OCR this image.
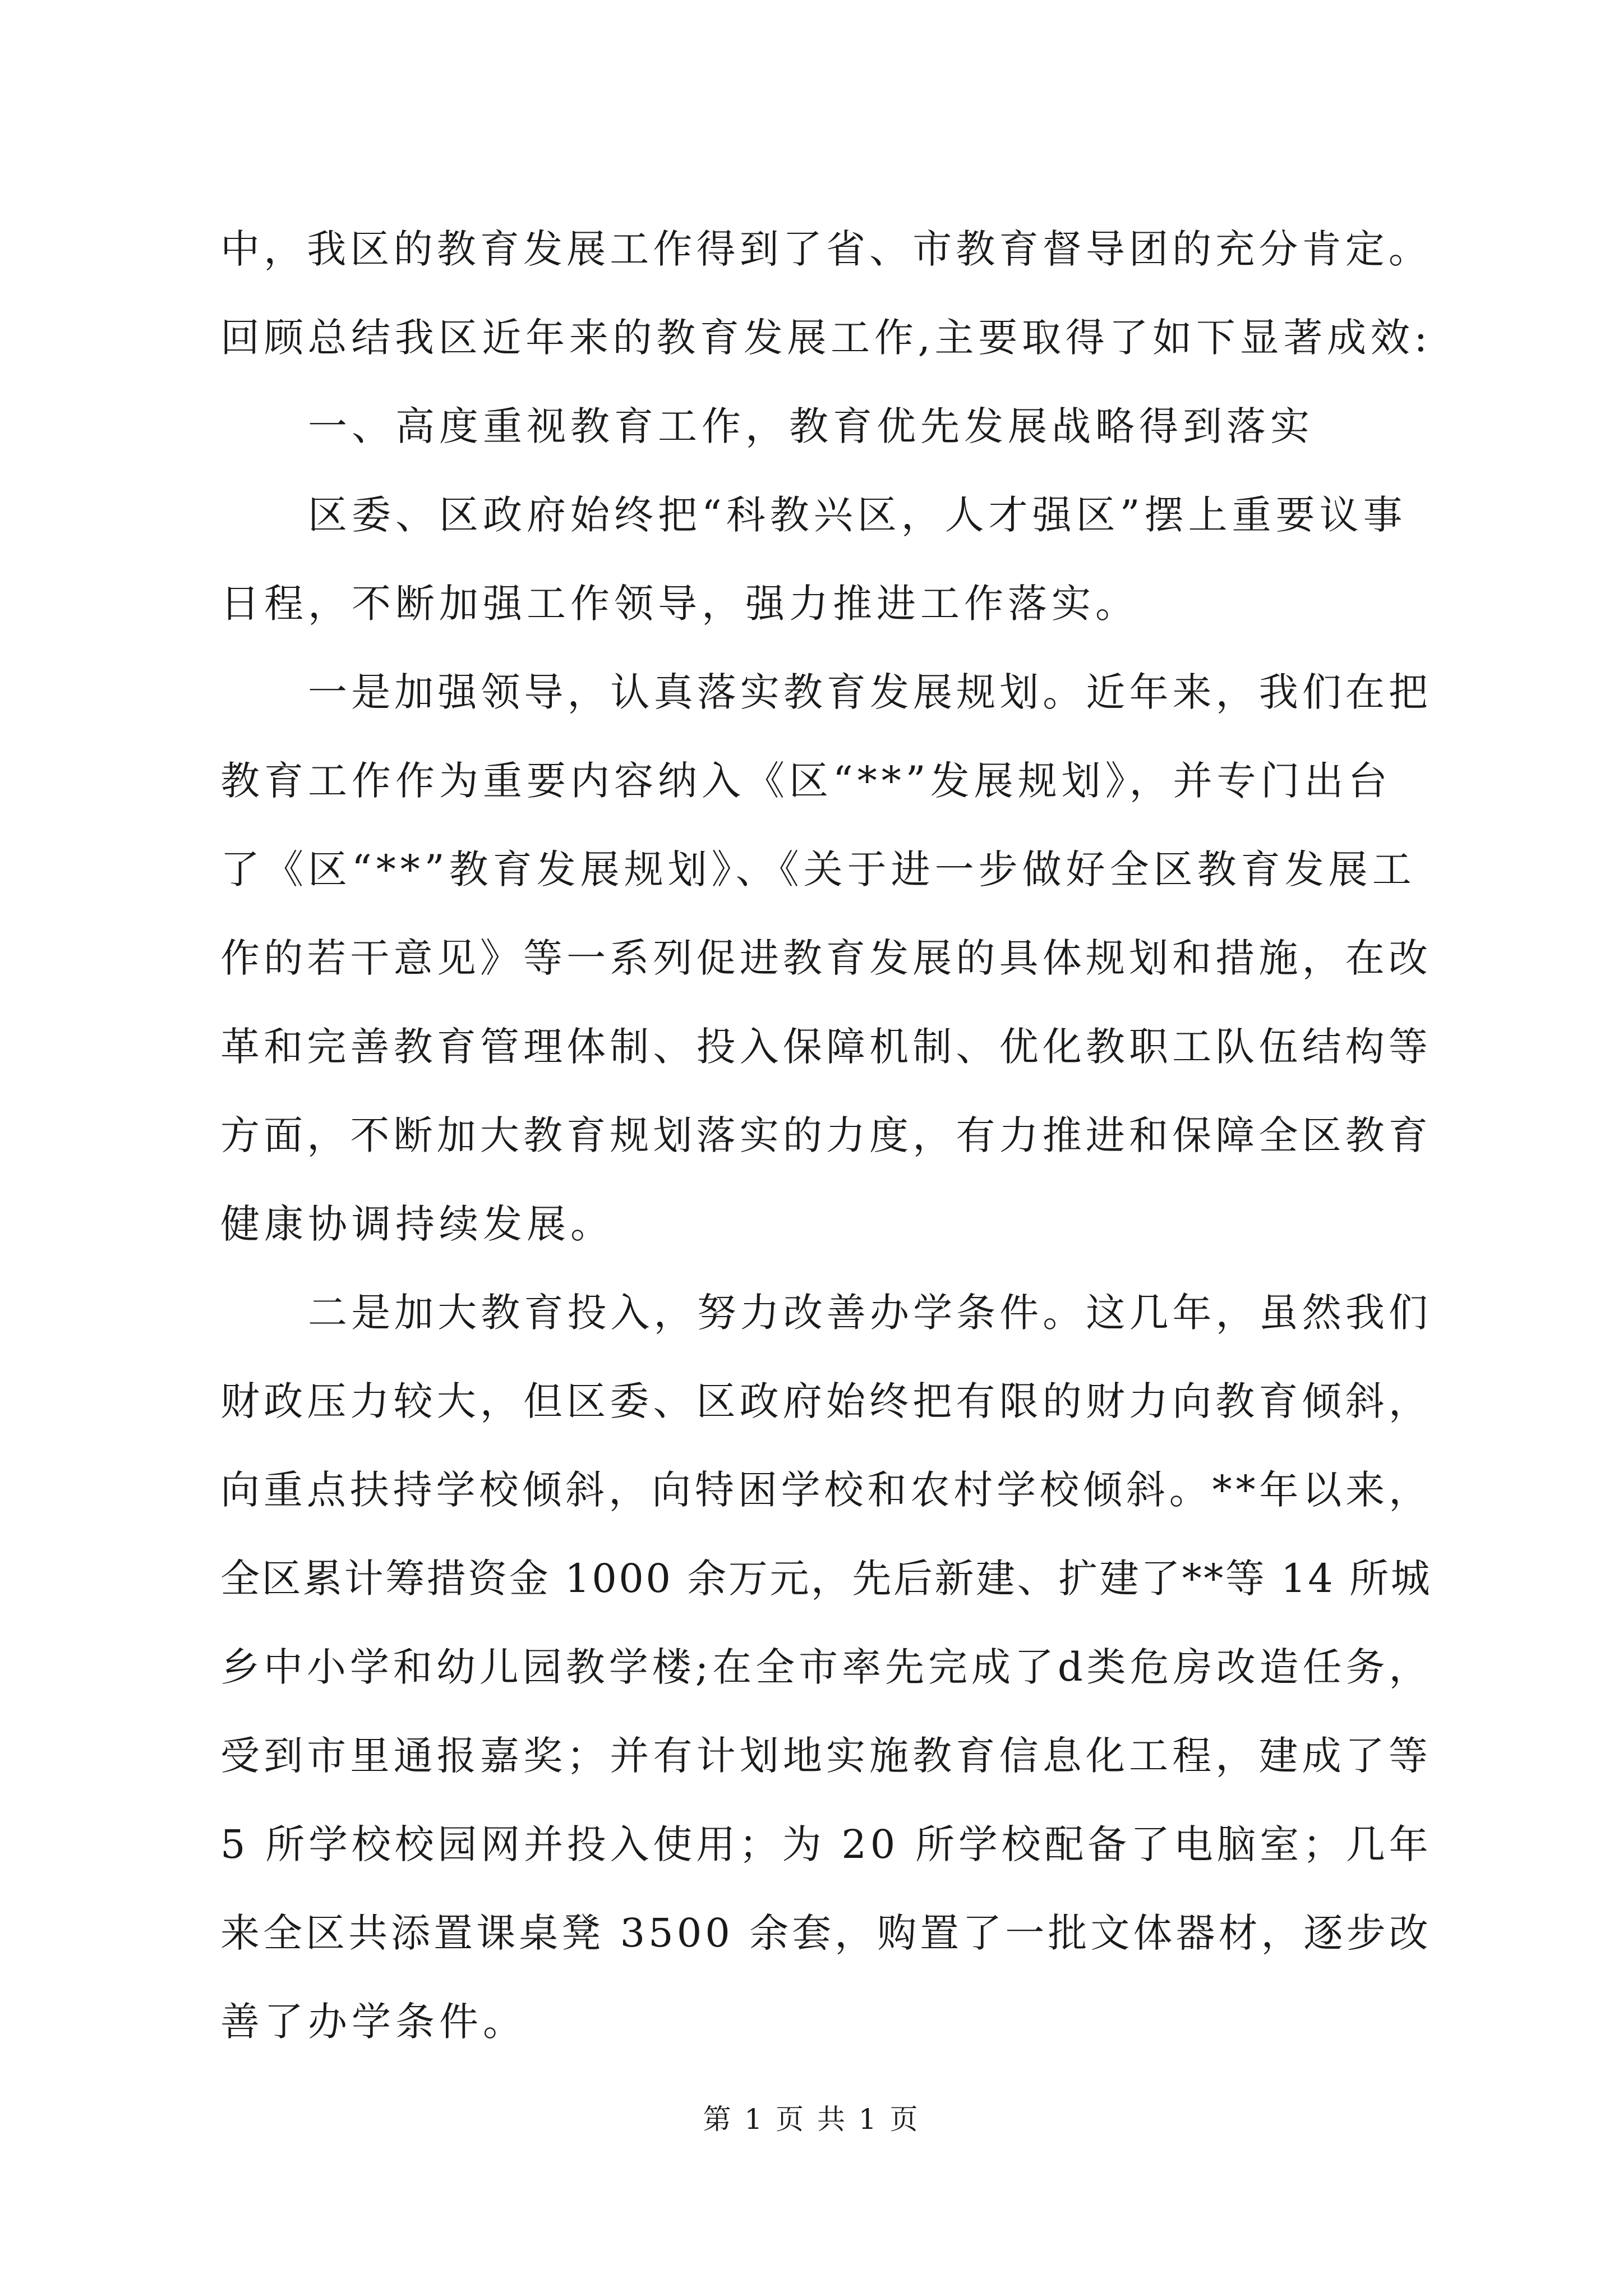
中，我区的教育发展工作得到了省、市教育督导团的充分肯定。
回顾总结我区近年来的教育发展工作,主要取得了如下显著成效:
一、高度重视教育工作，教育优先发展战略得到落实
区委、区政府始终把“科教兴区，人才强区”摆上重要议事
日程，不断加强工作领导，强力推进工作落实。
一是加强领导，认真落实教育发展规划。近年来，我们在把
教育工作作为重要内容纳入《区“**”发展规划》，并专门出台
了《区“**”教育发展规划》、《关于进一步做好全区教育发展工
作的若干意见》等一系列促进教育发展的具体规划和措施，在改
革和完善教育管理体制、投入保障机制、优化教职工队伍结构等
方面，不断加大教育规划落实的力度，有力推进和保障全区教育
健康协调持续发展。
二是加大教育投入，努力改善办学条件。这几年，虽然我们
财政压力较大，但区委、区政府始终把有限的财力向教育倾斜，
向重点扶持学校倾斜，向特困学校和农村学校倾斜。**年以来，
全区累计筹措资金 1000 余万元，先后新建、扩建了**等 14 所城
乡中小学和幼儿园教学楼;在全市率先完成了d类危房改造任务，
受到市里通报嘉奖；并有计划地实施教育信息化工程，建成了等
5 所学校校园网并投入使用；为 20 所学校配备了电脑室；几年
来全区共添置课桌凳 3500 余套，购置了一批文体器材，逐步改
善了办学条件。
第 1 页 共 1 页
